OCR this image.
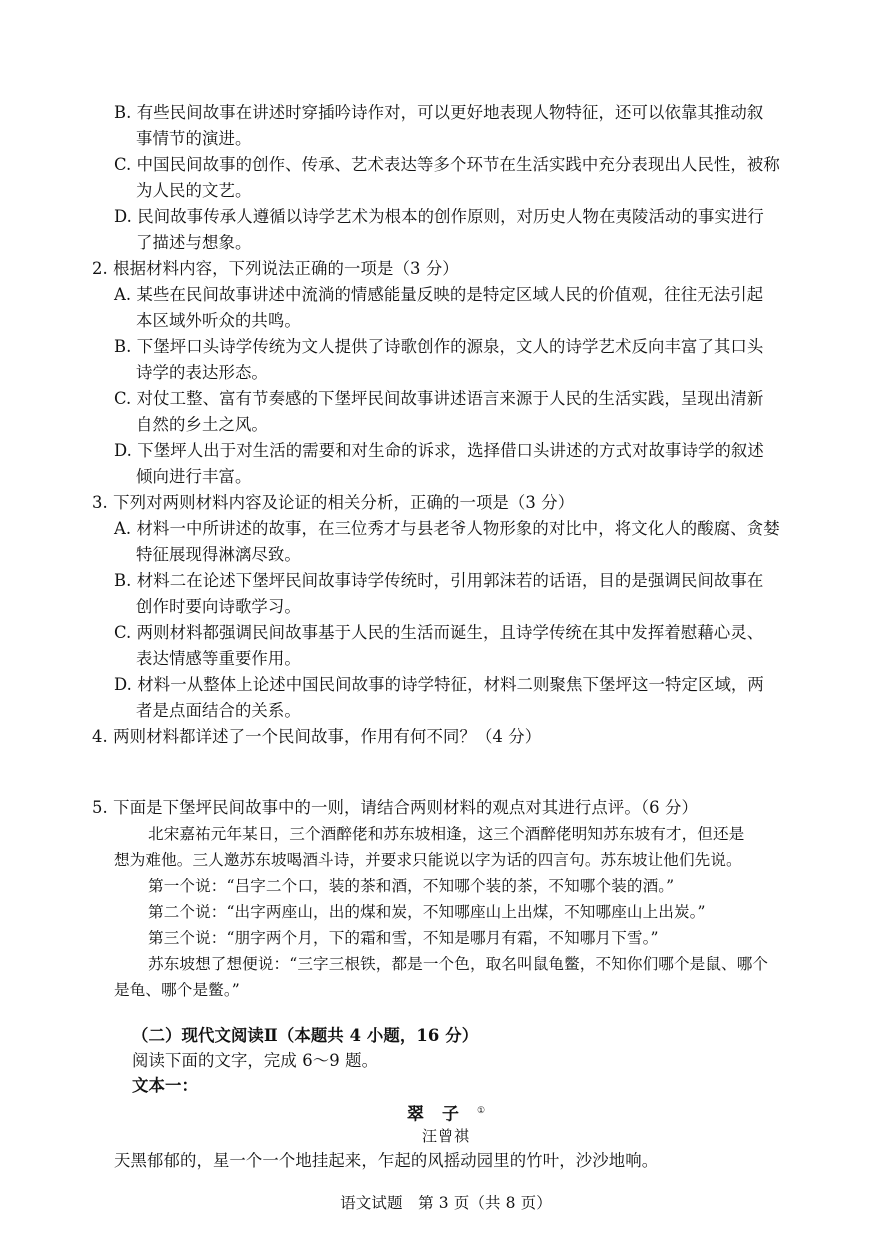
B. 有些民间故事在讲述时穿插吟诗作对，可以更好地表现人物特征，还可以依靠其推动叙
事情节的演进。
C. 中国民间故事的创作、传承、艺术表达等多个环节在生活实践中充分表现出人民性，被称
为人民的文艺。
D. 民间故事传承人遵循以诗学艺术为根本的创作原则，对历史人物在夷陵活动的事实进行
了描述与想象。
2. 根据材料内容，下列说法正确的一项是（3 分）
A. 某些在民间故事讲述中流淌的情感能量反映的是特定区域人民的价值观，往往无法引起
本区域外听众的共鸣。
B. 下堡坪口头诗学传统为文人提供了诗歌创作的源泉，文人的诗学艺术反向丰富了其口头
诗学的表达形态。
C. 对仗工整、富有节奏感的下堡坪民间故事讲述语言来源于人民的生活实践，呈现出清新
自然的乡土之风。
D. 下堡坪人出于对生活的需要和对生命的诉求，选择借口头讲述的方式对故事诗学的叙述
倾向进行丰富。
3. 下列对两则材料内容及论证的相关分析，正确的一项是（3 分）
A. 材料一中所讲述的故事，在三位秀才与县老爷人物形象的对比中，将文化人的酸腐、贪婪
特征展现得淋漓尽致。
B. 材料二在论述下堡坪民间故事诗学传统时，引用郭沫若的话语，目的是强调民间故事在
创作时要向诗歌学习。
C. 两则材料都强调民间故事基于人民的生活而诞生，且诗学传统在其中发挥着慰藉心灵、
表达情感等重要作用。
D. 材料一从整体上论述中国民间故事的诗学特征，材料二则聚焦下堡坪这一特定区域，两
者是点面结合的关系。
4. 两则材料都详述了一个民间故事，作用有何不同？（4 分）
5. 下面是下堡坪民间故事中的一则，请结合两则材料的观点对其进行点评。（6 分）
北宋嘉祐元年某日，三个酒醉佬和苏东坡相逢，这三个酒醉佬明知苏东坡有才，但还是
想为难他。三人邀苏东坡喝酒斗诗，并要求只能说以字为话的四言句。苏东坡让他们先说。
第一个说：“吕字二个口，装的茶和酒，不知哪个装的茶，不知哪个装的酒。”
第二个说：“出字两座山，出的煤和炭，不知哪座山上出煤，不知哪座山上出炭。”
第三个说：“朋字两个月，下的霜和雪，不知是哪月有霜，不知哪月下雪。”
苏东坡想了想便说：“三字三根铁，都是一个色，取名叫鼠龟鳖，不知你们哪个是鼠、哪个
是龟、哪个是鳖。”
（二）现代文阅读Ⅱ（本题共 4 小题，16 分）
阅读下面的文字，完成 6～9 题。
文本一：
翠子①
汪曾祺
天黑郁郁的，星一个一个地挂起来，乍起的风摇动园里的竹叶，沙沙地响。
语文试题　第 3 页（共 8 页）
